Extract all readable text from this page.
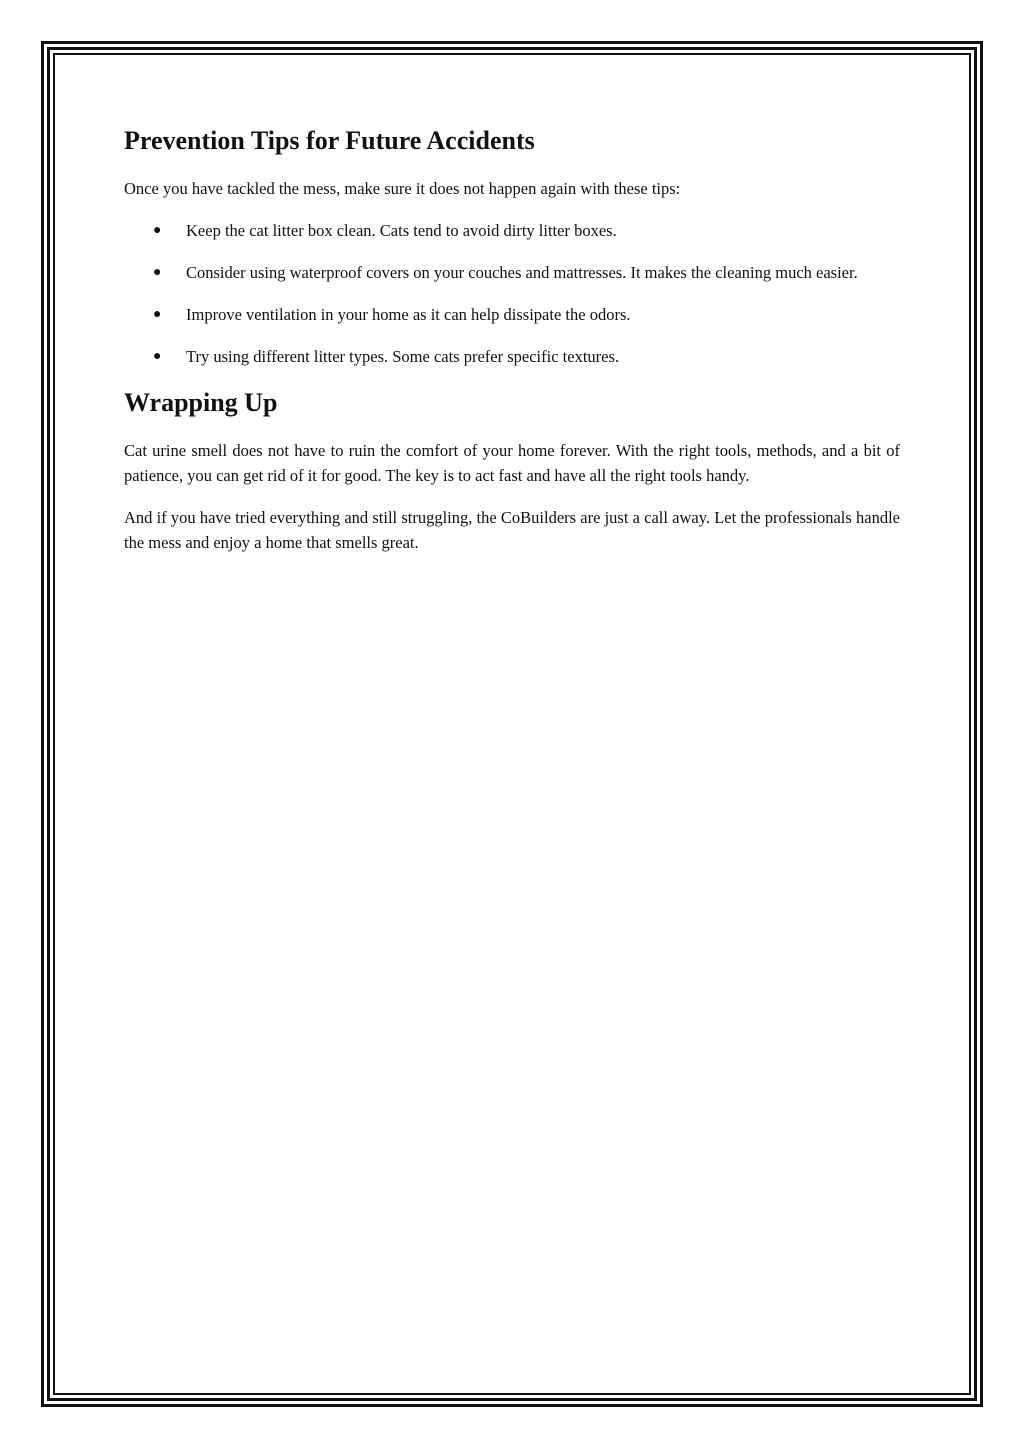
Prevention Tips for Future Accidents

Once you have tackled the mess, make sure it does not happen again with these tips:

● Keep the cat litter box clean. Cats tend to avoid dirty litter boxes.
● Consider using waterproof covers on your couches and mattresses. It makes the cleaning much easier.
● Improve ventilation in your home as it can help dissipate the odors.
● Try using different litter types. Some cats prefer specific textures.
Wrapping Up

Cat urine smell does not have to ruin the comfort of your home forever. With the right tools, methods, and a bit of patience, you can get rid of it for good. The key is to act fast and have all the right tools handy.

And if you have tried everything and still struggling, the CoBuilders are just a call away. Let the professionals handle the mess and enjoy a home that smells great.
